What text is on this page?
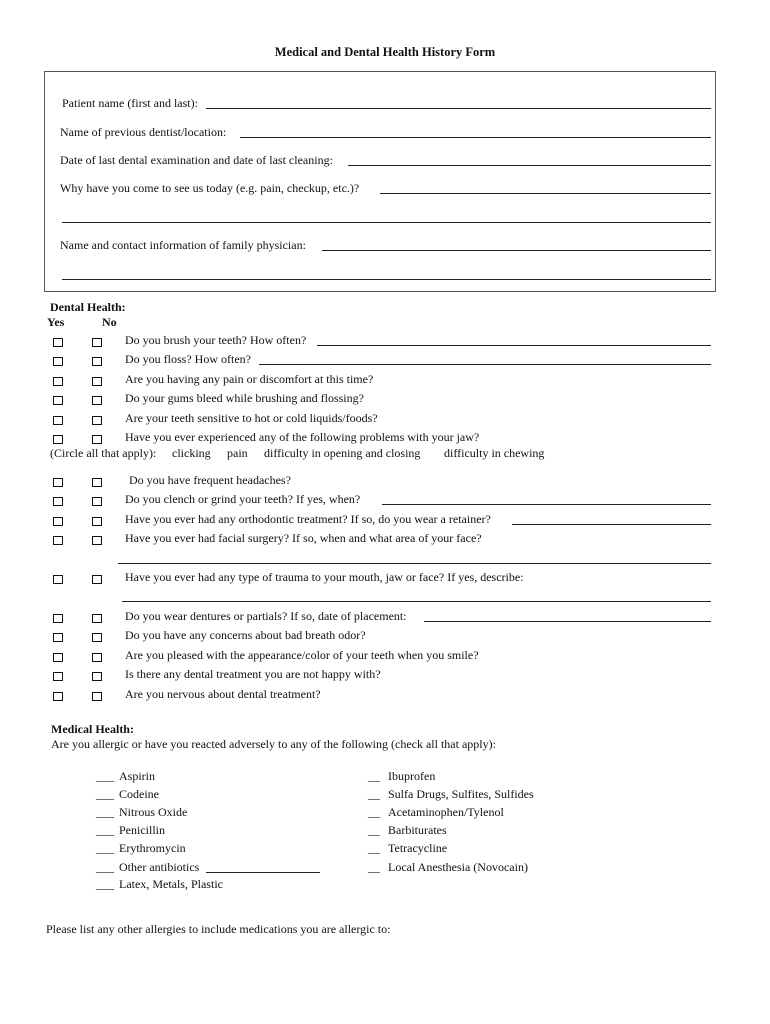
Medical and Dental Health History Form
Patient name (first and last):
Name of previous dentist/location:
Date of last dental examination and date of last cleaning:
Why have you come to see us today (e.g. pain, checkup, etc.)?
Name and contact information of family physician:
Dental Health:
Yes	No
Do you brush your teeth? How often?
Do you floss? How often?
Are you having any pain or discomfort at this time?
Do your gums bleed while brushing and flossing?
Are your teeth sensitive to hot or cold liquids/foods?
Have you ever experienced any of the following problems with your jaw?
(Circle all that apply): clicking pain difficulty in opening and closing difficulty in chewing
Do you have frequent headaches?
Do you clench or grind your teeth? If yes, when?
Have you ever had any orthodontic treatment? If so, do you wear a retainer?
Have you ever had facial surgery? If so, when and what area of your face?
Have you ever had any type of trauma to your mouth, jaw or face? If yes, describe:
Do you wear dentures or partials? If so, date of placement:
Do you have any concerns about bad breath odor?
Are you pleased with the appearance/color of your teeth when you smile?
Is there any dental treatment you are not happy with?
Are you nervous about dental treatment?
Medical Health:
Are you allergic or have you reacted adversely to any of the following (check all that apply):
___ Aspirin
___ Codeine
___ Nitrous Oxide
___ Penicillin
___ Erythromycin
___ Other antibiotics
___ Latex, Metals, Plastic
__ Ibuprofen
__ Sulfa Drugs, Sulfites, Sulfides
__ Acetaminophen/Tylenol
__ Barbiturates
__ Tetracycline
__ Local Anesthesia (Novocain)
Please list any other allergies to include medications you are allergic to:
